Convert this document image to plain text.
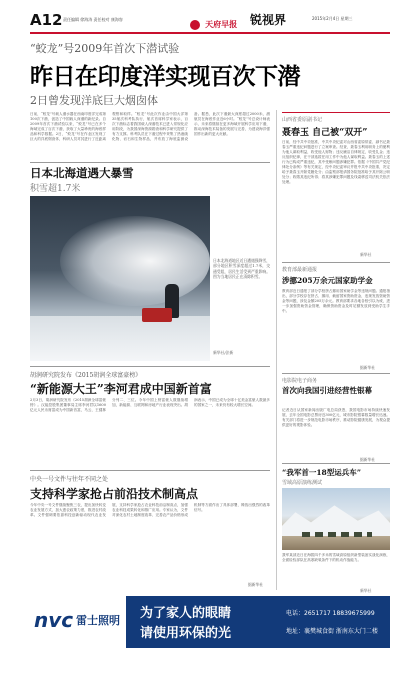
A12 责任编辑 徐海涛 责任校对 康海容	天府早报	锐视界	2015年2月4日 星期三
“蛟龙”号2009年首次下潜试验
昨日在印度洋实现百次下潜
2日曾发现洋底巨大烟囱体
日前，“蛟龙”号载人潜水器在西南印度洋完成第100次下潜，创造了中国载人深潜的新纪录。自2009年首次下潜试验以来，“蛟龙”号已在多个海域完成了百次下潜，获取了大量珍贵的海底样品和科学数据。2日，“蛟龙”号在作业区发现了巨大的洋底烟囱体，科研人员对其进行了近距离观察和取样。“蛟龙”号此次作业由中国大洋第35航次科考队执行，航次首席科学家表示，百次下潜标志着我国载人深潜技术已进入常规化应用阶段，为我国深海资源勘查和科学研究提供了有力支撑。科考队员在下潜过程中采集了热液硫化物、岩石和生物样品，并布放了海底监测设备。据悉，此次下潜最大深度超过2000米，潜航员在海底作业近6小时。“蛟龙”号总设计师表示，未来将继续在更多海域开展科学应用下潜，推动深海技术装备的发展与完善，为建设海洋强国作出新的更大贡献。
日本北海道遇大暴雪
积雪超1.7米
日本北海道地区近日遭遇强降雪，部分地区积雪深度超过1.7米，交通受阻，居民生活受到严重影响。图为当地居民正在清除积雪。
新华社/法新
胡润研究院发布《2015胡润全球富豪榜》
“新能源大王”李河君成中国新首富
2月3日，胡润研究院发布《2015胡润全球富豪榜》。汉能控股集团董事局主席李河君以1600亿元人民币财富成为中国新首富，马云、王健林分列二、三位。今年中国上榜富豪人数继续增加，新能源、互联网和房地产行业表现突出。胡润表示，中国已成为全球十亿美金富豪人数最多的国家之一，未来仍有较大增长空间。
中央一号文件与往年不同之处
支持科学家抢占前沿技术制高点
今年中央一号文件继续聚焦三农，提出加快转变农业发展方式，加大惠农政策力度，推进农村改革。文件强调要依靠科技创新驱动现代农业发展，支持科学家抢占农业科技前沿制高点，加强农业科技成果转化和推广应用。专家认为，文件对深化农村土地制度改革、完善农产品价格形成机制等方面作出了具体部署，释放出强烈的改革信号。
据新华社
山西省委原副书记
聂春玉 自己被“双开”
日前，经中共中央批准，中共中央纪委对山西省委原常委、副书记聂春玉严重违纪问题进行了立案审查。经查，聂春玉利用职务上的便利为他人谋取利益，收受他人财物；违反廉洁自律规定，收受礼金；违反组织纪律，在干部选拔任用工作中为他人谋取利益。聂春玉的上述行为已构成严重违纪，其中受贿问题涉嫌犯罪。依据《中国共产党纪律处分条例》等有关规定，经中央纪委审议并报中共中央批准，决定给予聂春玉开除党籍处分；由监察部报请国务院批准给予其开除公职处分；收缴其违纪所得；将其涉嫌犯罪问题及线索移送司法机关依法处理。
新华社
教育部最新通报
涉挪205万余元国家助学金
教育部近日通报了部分学校挤占挪用国家助学金等违规问题。通报指出，部分学校存在挤占、挪用、截留国家资助资金，违规发放资助资金等问题，涉及金额205万余元。教育部要求各地各校引以为戒，进一步加强资助资金管理，确保资助资金及时足额发放到受助学生手中。
据新华社
电影院电子商务
首次向我国引进经营性银幕
记者近日从国家新闻出版广电总局获悉，我国电影市场持续快速发展，去年全国电影总票房近300亿元，城市影院银幕数量增长迅速。有关部门将进一步规范电影市场秩序，推动影院健康发展，为观众提供更好的观影体验。
据新华社
“我军首一18型运兵车”
雪域高原演练测试
我军某部近日在海拔四千多米的雪域高原组织新型装备实战化演练，全面检验部队在高寒缺氧条件下的机动作战能力。
新华社
nvc 雷士照明 为了家人的眼睛
请使用环保的光
电话：2651717 18839675999
地址：襄樊城食街 浙南东大门二楼
